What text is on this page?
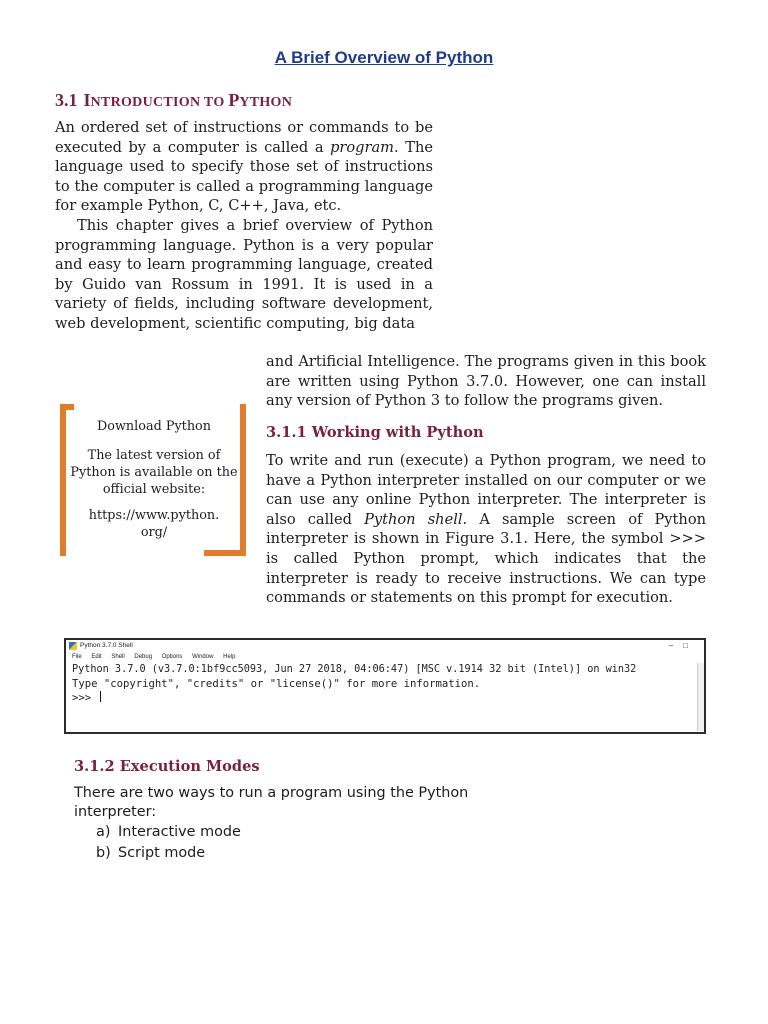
A Brief Overview of Python
3.1 INTRODUCTION TO PYTHON
An ordered set of instructions or commands to be executed by a computer is called a program. The language used to specify those set of instructions to the computer is called a programming language for example Python, C, C++, Java, etc.
This chapter gives a brief overview of Python programming language. Python is a very popular and easy to learn programming language, created by Guido van Rossum in 1991. It is used in a variety of fields, including software development, web development, scientific computing, big data
Download Python
The latest version of Python is available on the official website:
https://www.python.
org/
and Artificial Intelligence. The programs given in this book are written using Python 3.7.0. However, one can install any version of Python 3 to follow the programs given.
3.1.1 Working with Python
To write and run (execute) a Python program, we need to have a Python interpreter installed on our computer or we can use any online Python interpreter. The interpreter is also called Python shell. A sample screen of Python interpreter is shown in Figure 3.1. Here, the symbol >>> is called Python prompt, which indicates that the interpreter is ready to receive instructions. We can type commands or statements on this prompt for execution.
Python 3.7.0 Shell	–□
File Edit Shell Debug Options Window Help
Python 3.7.0 (v3.7.0:1bf9cc5093, Jun 27 2018, 04:06:47) [MSC v.1914 32 bit (Intel)] on win32
Type "copyright", "credits" or "license()" for more information.
>>>
3.1.2 Execution Modes
There are two ways to run a program using the Python interpreter:
a) Interactive mode
b) Script mode
